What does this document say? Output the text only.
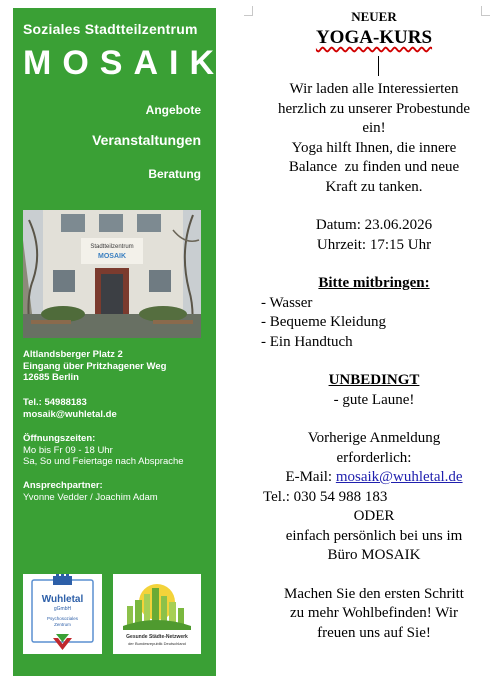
Soziales Stadtteilzentrum
MOSAIK
Angebote
Veranstaltungen
Beratung
Stadtteilzentrum
MOSAIK
Altlandsberger Platz 2
Eingang über Pritzhagener Weg
12685 Berlin
Tel.: 54988183
mosaik@wuhletal.de
Öffnungszeiten:
Mo bis Fr 09 - 18 Uhr
Sa, So und Feiertage nach Absprache
Ansprechpartner:
Yvonne Vedder / Joachim Adam
Wuhletal
gGmbH
Psychosoziales
Zentrum
Gesunde Städte-Netzwerk
der Bundesrepublik Deutschland

NEUER

YOGA-KURS

Wir laden alle Interessierten

herzlich zu unserer Probestunde

ein!

Yoga hilft Ihnen, die innere

Balance  zu finden und neue

Kraft zu tanken.

Datum: 23.06.2026

Uhrzeit: 17:15 Uhr

Bitte mitbringen:

- Wasser

- Bequeme Kleidung

- Ein Handtuch

UNBEDINGT

- gute Laune!

Vorherige Anmeldung

erforderlich:

E-Mail: mosaik@wuhletal.de

Tel.: 030 54 988 183

ODER

einfach persönlich bei uns im

Büro MOSAIK

Machen Sie den ersten Schritt

zu mehr Wohlbefinden! Wir

freuen uns auf Sie!
